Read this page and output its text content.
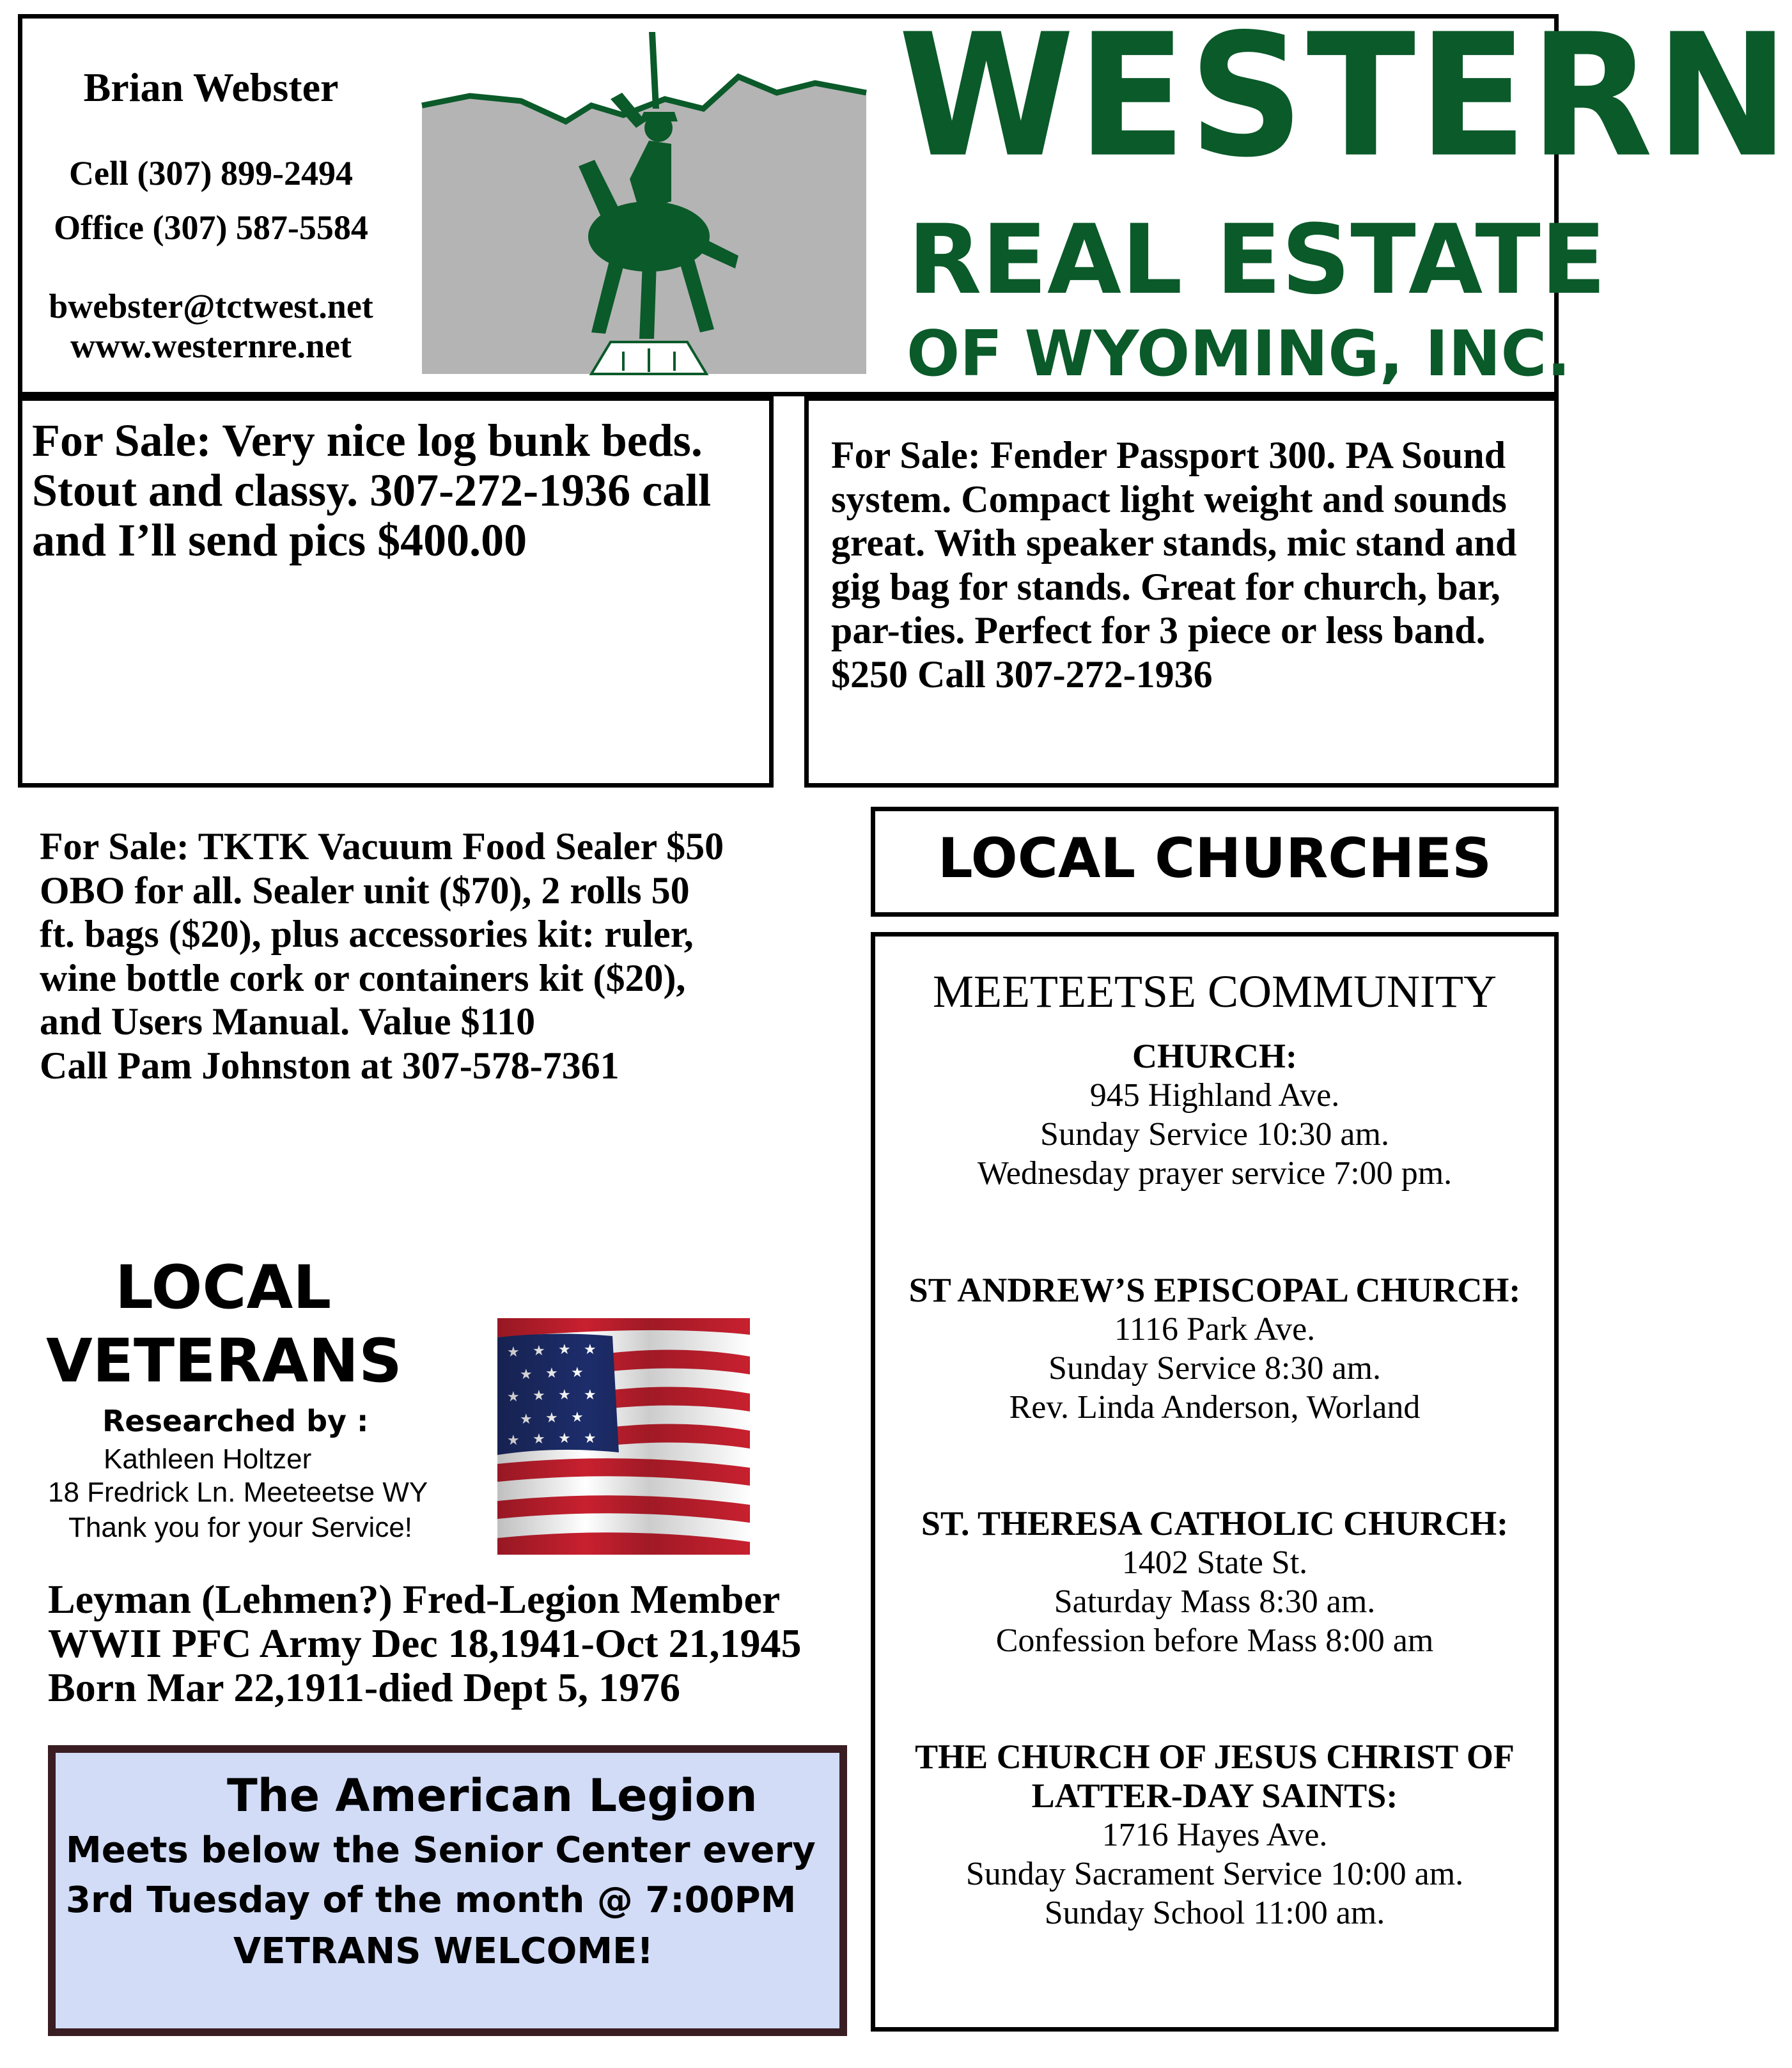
Brian Webster
Cell (307) 899-2494
Office (307) 587-5584
bwebster@tctwest.net
www.westernre.net
WESTERN
REAL ESTATE
OF WYOMING, INC.
For Sale: Very nice log bunk beds. Stout and classy. 307-272-1936 call and I’ll send pics $400.00
For Sale: Fender Passport 300. PA Sound system. Compact light weight and sounds great. With speaker stands, mic stand and gig bag for stands. Great for church, bar, par-ties. Perfect for 3 piece or less band. $250 Call 307-272-1936
For Sale: TKTK Vacuum Food Sealer $50
OBO for all. Sealer unit ($70), 2 rolls 50
ft. bags ($20), plus accessories kit: ruler,
wine bottle cork or containers kit ($20),
and Users Manual. Value $110
Call Pam Johnston at 307-578-7361
LOCAL CHURCHES
MEETEETSE COMMUNITY
CHURCH:
945 Highland Ave.
Sunday Service 10:30 am.
Wednesday prayer service 7:00 pm.
ST ANDREW’S EPISCOPAL CHURCH:
1116 Park Ave.
Sunday Service 8:30 am.
Rev. Linda Anderson, Worland
ST. THERESA CATHOLIC CHURCH:
1402 State St.
Saturday Mass 8:30 am.
Confession before Mass 8:00 am
THE CHURCH OF JESUS CHRIST OF LATTER-DAY SAINTS:
1716 Hayes Ave.
Sunday Sacrament Service 10:00 am.
Sunday School 11:00 am.
LOCAL
VETERANS
Researched by :
Kathleen Holtzer
18 Fredrick Ln. Meeteetse WY
Thank you for your Service!
Leyman (Lehmen?) Fred-Legion Member
WWII PFC Army Dec 18,1941-Oct 21,1945
Born Mar 22,1911-died Dept 5, 1976
The American Legion
Meets below the Senior Center every
3rd Tuesday of the month @ 7:00PM
VETRANS WELCOME!
